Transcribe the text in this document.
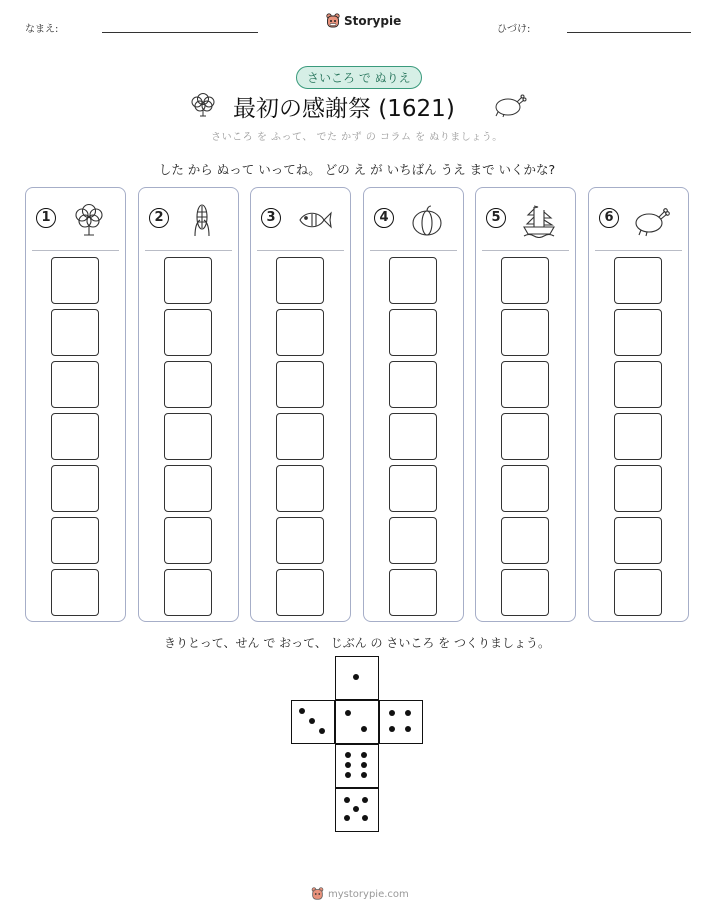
なまえ:
Storypie
ひづけ:
さいころ で ぬりえ
最初の感謝祭 (1621)
さいころ を ふって、 でた かず の コラム を ぬりましょう。
した から ぬって いってね。 どの え が いちばん うえ まで いくかな?
1	2	3	4	5	6
きりとって、せん で おって、 じぶん の さいころ を つくりましょう。
mystorypie.com
